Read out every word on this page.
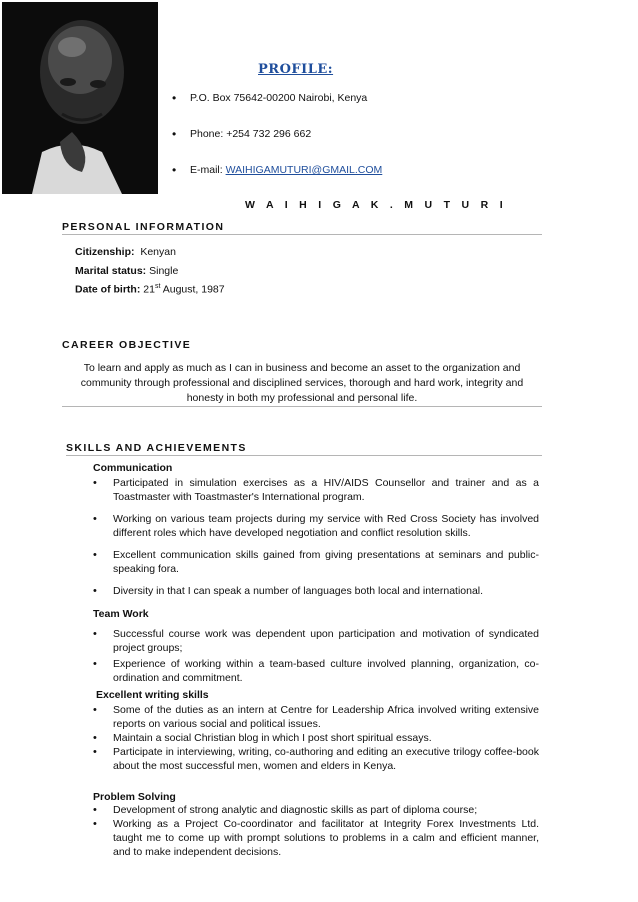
PROFILE:
• P.O. Box 75642-00200 Nairobi, Kenya
• Phone: +254 732 296 662
• E-mail: WAIHIGAMUTURI@GMAIL.COM
W A I H I G A K . M U T U R I
PERSONAL INFORMATION
Citizenship: Kenyan
Marital status: Single
Date of birth: 21st August, 1987
CAREER OBJECTIVE
To learn and apply as much as I can in business and become an asset to the organization and community through professional and disciplined services, thorough and hard work, integrity and honesty in both my professional and personal life.
SKILLS AND ACHIEVEMENTS
Communication
• Participated in simulation exercises as a HIV/AIDS Counsellor and trainer and as a Toastmaster with Toastmaster's International program.
• Working on various team projects during my service with Red Cross Society has involved different roles which have developed negotiation and conflict resolution skills.
• Excellent communication skills gained from giving presentations at seminars and public-speaking fora.
• Diversity in that I can speak a number of languages both local and international.
Team Work
• Successful course work was dependent upon participation and motivation of syndicated project groups;
• Experience of working within a team-based culture involved planning, organization, co-ordination and commitment.
Excellent writing skills
• Some of the duties as an intern at Centre for Leadership Africa involved writing extensive reports on various social and political issues.
• Maintain a social Christian blog in which I post short spiritual essays.
• Participate in interviewing, writing, co-authoring and editing an executive trilogy coffee-book about the most successful men, women and elders in Kenya.
Problem Solving
• Development of strong analytic and diagnostic skills as part of diploma course;
• Working as a Project Co-coordinator and facilitator at Integrity Forex Investments Ltd. taught me to come up with prompt solutions to problems in a calm and efficient manner, and to make independent decisions.
